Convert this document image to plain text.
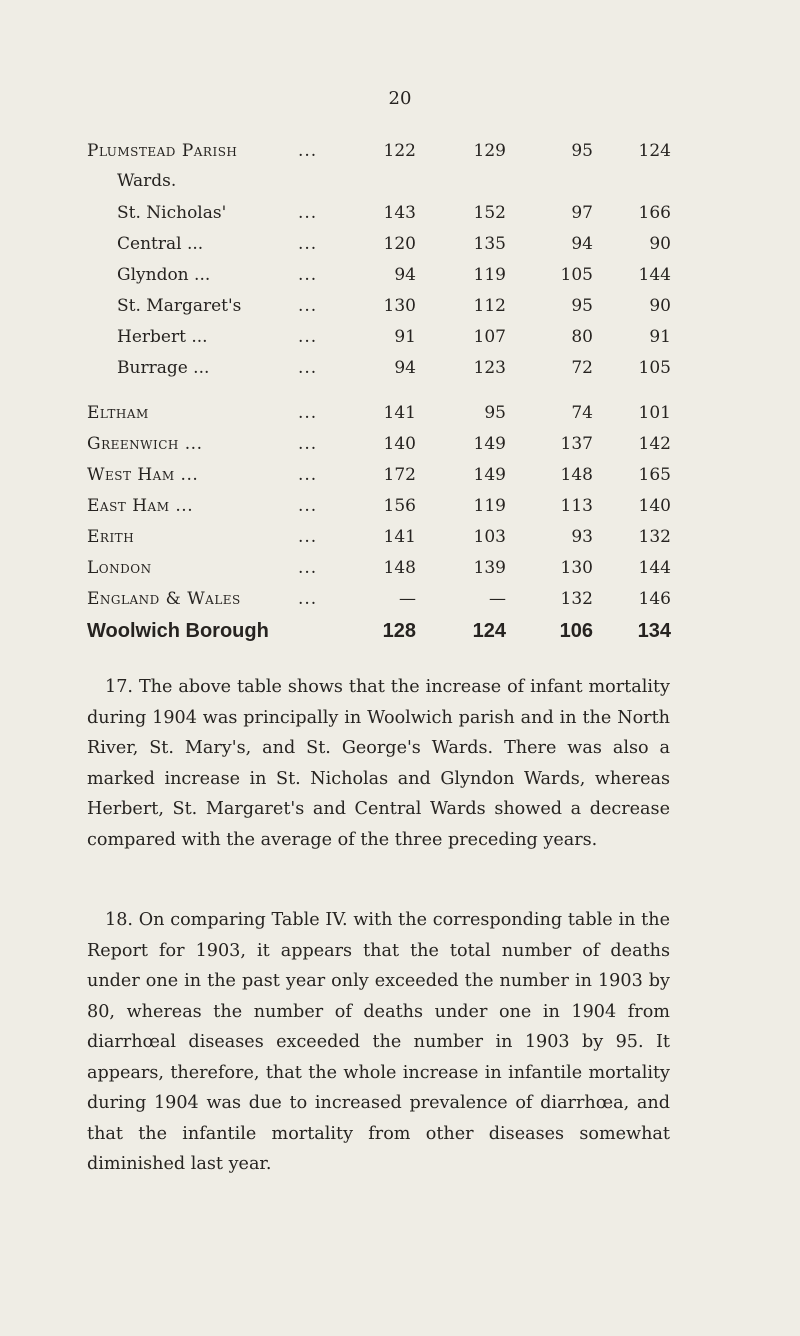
20
Plumstead Parish	...	122	129	95	124
Wards.
St. Nicholas'	...	143	152	97	166
Central ...	...	120	135	94	90
Glyndon ...	...	94	119	105	144
St. Margaret's	...	130	112	95	90
Herbert ...	...	91	107	80	91
Burrage ...	...	94	123	72	105
Eltham	...	141	95	74	101
Greenwich ...	...	140	149	137	142
West Ham ...	...	172	149	148	165
East Ham ...	...	156	119	113	140
Erith	...	141	103	93	132
London	...	148	139	130	144
England & Wales	...	—	—	132	146
Woolwich Borough	128	124	106	134

17. The above table shows that the increase of infant mortality during 1904 was principally in Woolwich parish and in the North River, St. Mary's, and St. George's Wards. There was also a marked increase in St. Nicholas and Glyndon Wards, whereas Herbert, St. Margaret's and Central Wards showed a decrease compared with the average of the three preceding years.

18. On comparing Table IV. with the corresponding table in the Report for 1903, it appears that the total number of deaths under one in the past year only exceeded the number in 1903 by 80, whereas the number of deaths under one in 1904 from diarrhœal diseases exceeded the number in 1903 by 95. It appears, therefore, that the whole increase in infantile mortality during 1904 was due to increased prevalence of diarrhœa, and that the infantile mortality from other diseases somewhat diminished last year.
